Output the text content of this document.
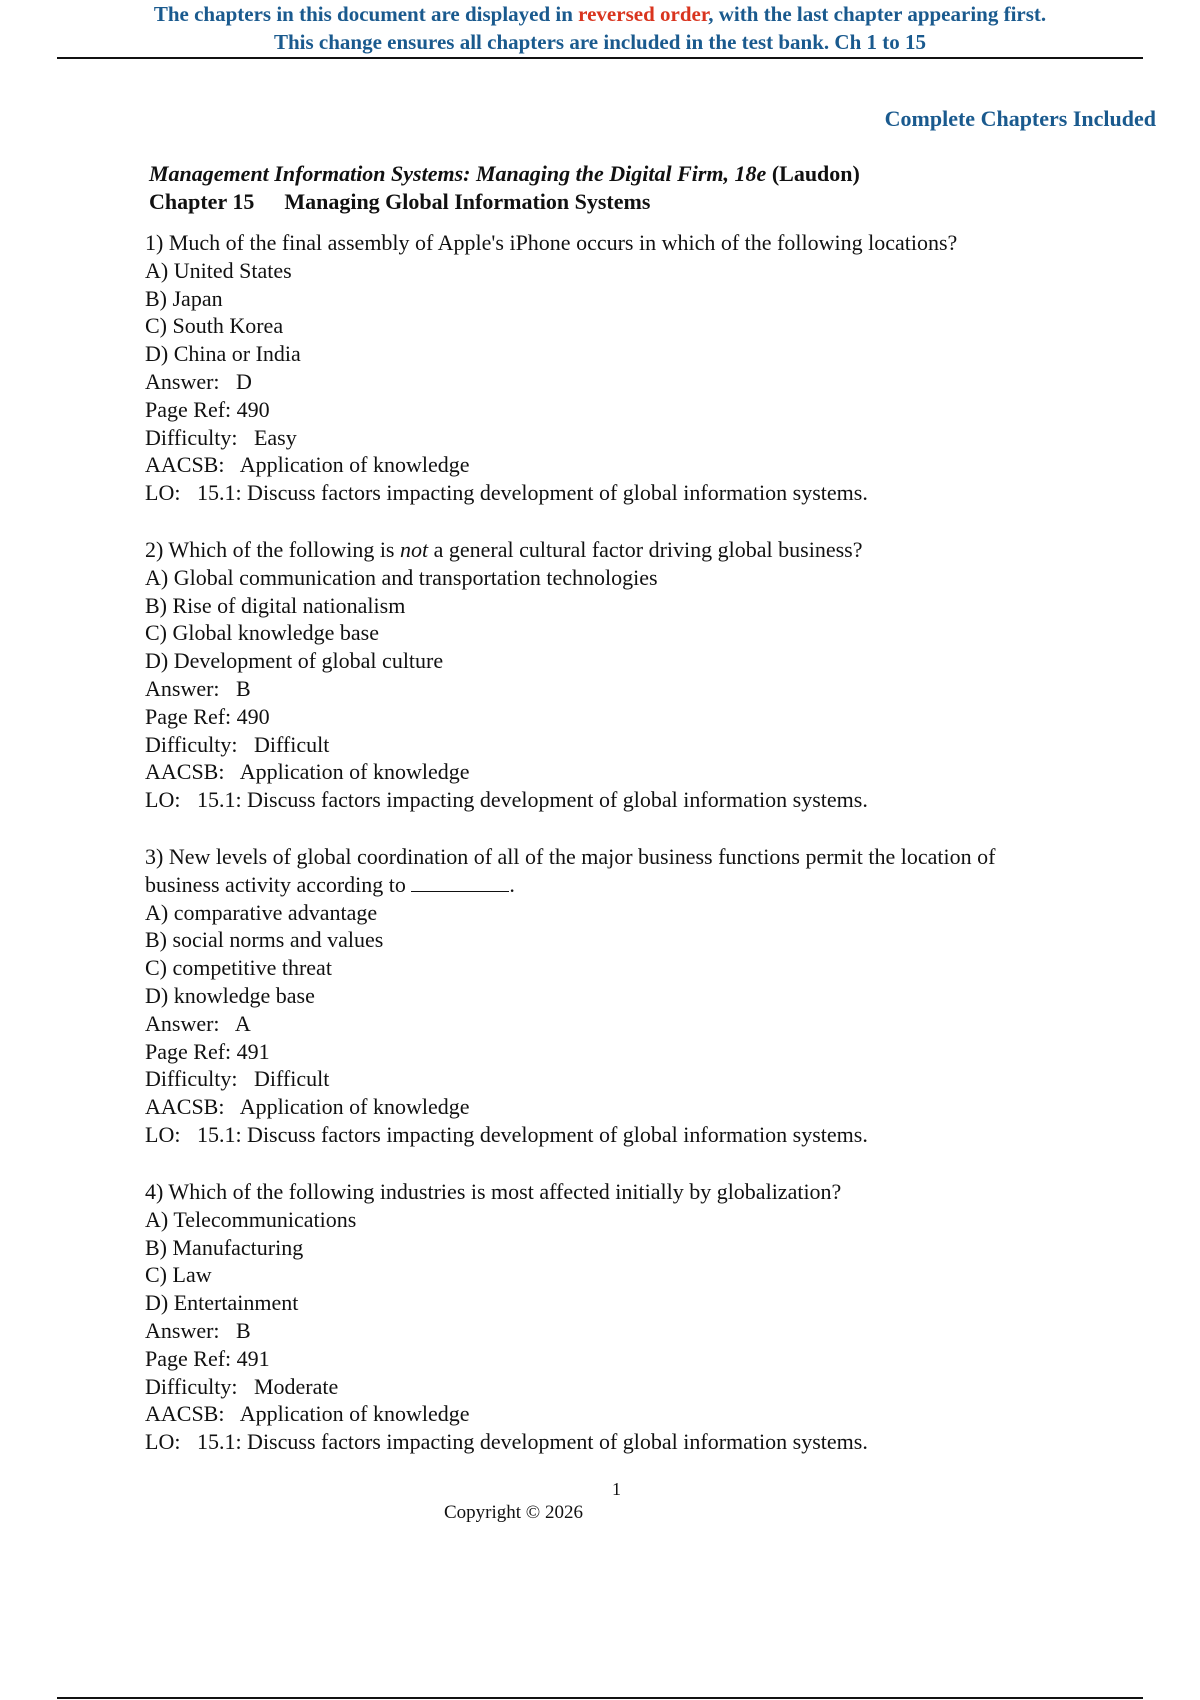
The chapters in this document are displayed in reversed order, with the last chapter appearing first.
This change ensures all chapters are included in the test bank. Ch 1 to 15
Complete Chapters Included
Management Information Systems: Managing the Digital Firm, 18e (Laudon)
Chapter 15 Managing Global Information Systems
1) Much of the final assembly of Apple's iPhone occurs in which of the following locations?
A) United States
B) Japan
C) South Korea
D) China or India
Answer:   D
Page Ref: 490
Difficulty:   Easy
AACSB:   Application of knowledge
LO:   15.1: Discuss factors impacting development of global information systems.
2) Which of the following is not a general cultural factor driving global business?
A) Global communication and transportation technologies
B) Rise of digital nationalism
C) Global knowledge base
D) Development of global culture
Answer:   B
Page Ref: 490
Difficulty:   Difficult
AACSB:   Application of knowledge
LO:   15.1: Discuss factors impacting development of global information systems.
3) New levels of global coordination of all of the major business functions permit the location of
business activity according to	.
A) comparative advantage
B) social norms and values
C) competitive threat
D) knowledge base
Answer:   A
Page Ref: 491
Difficulty:   Difficult
AACSB:   Application of knowledge
LO:   15.1: Discuss factors impacting development of global information systems.
4) Which of the following industries is most affected initially by globalization?
A) Telecommunications
B) Manufacturing
C) Law
D) Entertainment
Answer:   B
Page Ref: 491
Difficulty:   Moderate
AACSB:   Application of knowledge
LO:   15.1: Discuss factors impacting development of global information systems.
1
Copyright © 2026
